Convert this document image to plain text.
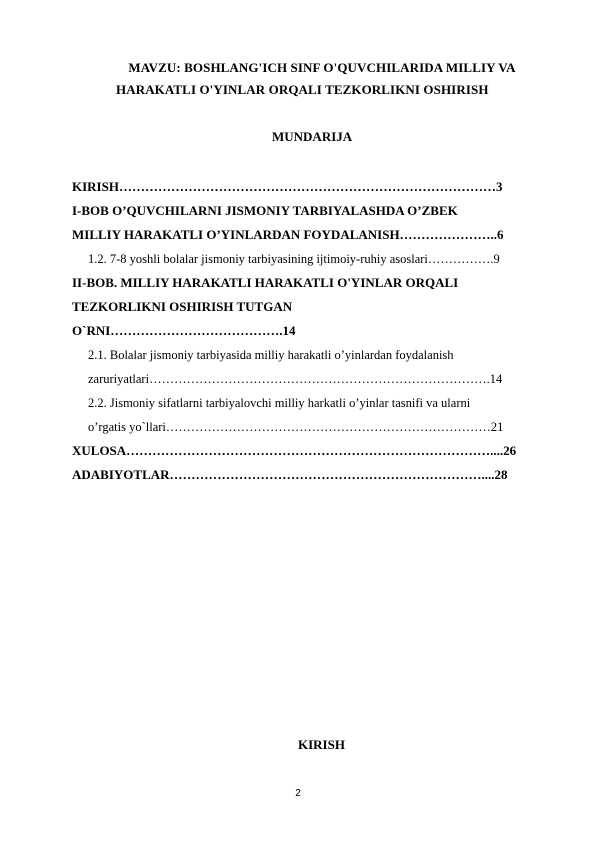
MAVZU: BOSHLANG'ICH SINF O'QUVCHILARIDA MILLIY VA
HARAKATLI O'YINLAR ORQALI TEZKORLIKNI OSHIRISH
MUNDARIJA
KIRISH……………………………………………………………………………3
I-BOB O’QUVCHILARNI JISMONIY TARBIYALASHDA O’ZBEK
MILLIY HARAKATLI O’YINLARDAN FOYDALANISH…………………..6
1.2. 7-8 yoshli bolalar jismoniy tarbiyasining ijtimoiy-ruhiy asoslari…………….9
II-BOB. MILLIY HARAKATLI HARAKATLI O'YINLAR ORQALI
TEZKORLIKNI OSHIRISH TUTGAN
O`RNI………………………………….14
2.1. Bolalar jismoniy tarbiyasida milliy harakatli o’yinlardan foydalanish
zaruriyatlari……………………………………………………………………….14
2.2. Jismoniy sifatlarni tarbiyalovchi milliy harkatli o’yinlar tasnifi va ularni
o’rgatis yo`llari……………………………………………………………………21
XULOSA…………………………………………………………………………....26
ADABIYOTLAR………………………………………………………………....28
KIRISH
2
